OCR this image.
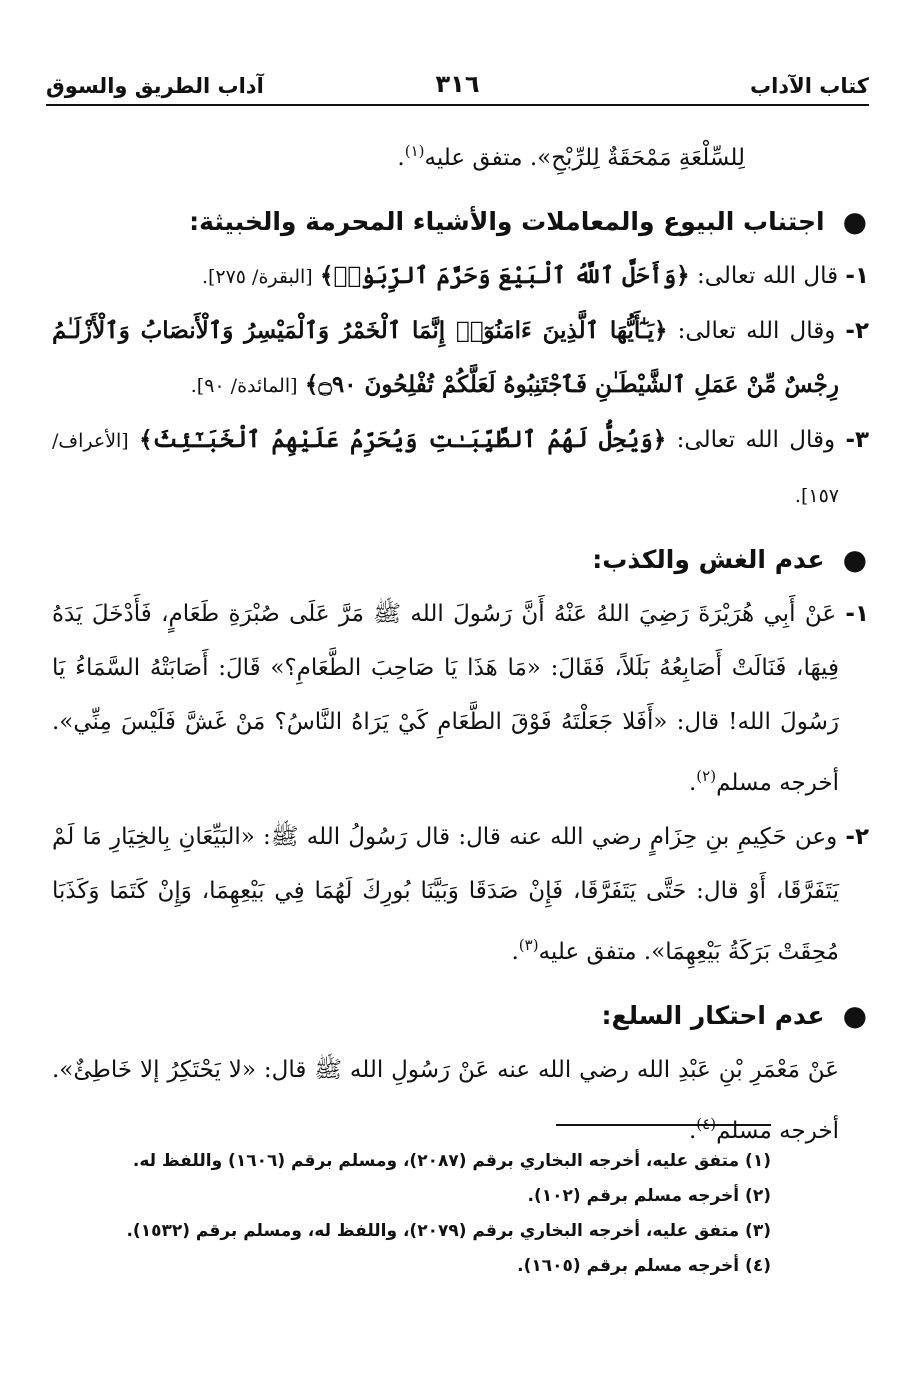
كتاب الآداب
٣١٦
آداب الطريق والسوق

لِلسِّلْعَةِ مَمْحَقَةٌ لِلرِّبْحِ». متفق عليه$^{(١)}$.

●اجتناب البيوع والمعاملات والأشياء المحرمة والخبيثة:

١- قال الله تعالى: ﴿وَأَحَلَّ ٱللَّهُ ٱلْبَيْعَ وَحَرَّمَ ٱلرِّبَوٰا۟﴾ [البقرة/ ٢٧٥].

٢- وقال الله تعالى: ﴿يَـٰٓأَيُّهَا ٱلَّذِينَ ءَامَنُوٓا۟ إِنَّمَا ٱلْخَمْرُ وَٱلْمَيْسِرُ وَٱلْأَنصَابُ وَٱلْأَزْلَـٰمُ رِجْسٌ مِّنْ عَمَلِ ٱلشَّيْطَـٰنِ فَٱجْتَنِبُوهُ لَعَلَّكُمْ تُفْلِحُونَ ۝٩٠﴾ [المائدة/ ٩٠].

٣- وقال الله تعالى: ﴿وَيُحِلُّ لَهُمُ ٱلطَّيِّبَـٰتِ وَيُحَرِّمُ عَلَيْهِمُ ٱلْخَبَـٰٓئِثَ﴾ [الأعراف/ ١٥٧].

●عدم الغش والكذب:

١- عَنْ أَبِي هُرَيْرَةَ رَضِيَ اللهُ عَنْهُ أَنَّ رَسُولَ الله ﷺ مَرَّ عَلَى صُبْرَةِ طَعَامٍ، فَأَدْخَلَ يَدَهُ فِيهَا، فَنَالَتْ أَصَابِعُهُ بَلَلاً، فَقَالَ: «مَا هَذَا يَا صَاحِبَ الطَّعَامِ؟» قَالَ: أَصَابَتْهُ السَّمَاءُ يَا رَسُولَ الله! قال: «أَفَلا جَعَلْتَهُ فَوْقَ الطَّعَامِ كَيْ يَرَاهُ النَّاسُ؟ مَنْ غَشَّ فَلَيْسَ مِنِّي». أخرجه مسلم$^{(٢)}$.

٢- وعن حَكِيمِ بنِ حِزَامٍ رضي الله عنه قال: قال رَسُولُ الله ﷺ: «البَيِّعَانِ بِالخِيَارِ مَا لَمْ يَتَفَرَّقَا، أَوْ قال: حَتَّى يَتَفَرَّقَا، فَإِنْ صَدَقَا وَبَيَّنَا بُورِكَ لَهُمَا فِي بَيْعِهِمَا، وَإِنْ كَتَمَا وَكَذَبَا مُحِقَتْ بَرَكَةُ بَيْعِهِمَا». متفق عليه$^{(٣)}$.

●عدم احتكار السلع:

عَنْ مَعْمَرِ بْنِ عَبْدِ الله رضي الله عنه عَنْ رَسُولِ الله ﷺ قال: «لا يَحْتَكِرُ إلا خَاطِئٌ». أخرجه مسلم$^{(٤)}$.

(١) متفق عليه، أخرجه البخاري برقم (٢٠٨٧)، ومسلم برقم (١٦٠٦) واللفظ له.

(٢) أخرجه مسلم برقم (١٠٢).

(٣) متفق عليه، أخرجه البخاري برقم (٢٠٧٩)، واللفظ له، ومسلم برقم (١٥٣٢).

(٤) أخرجه مسلم برقم (١٦٠٥).
